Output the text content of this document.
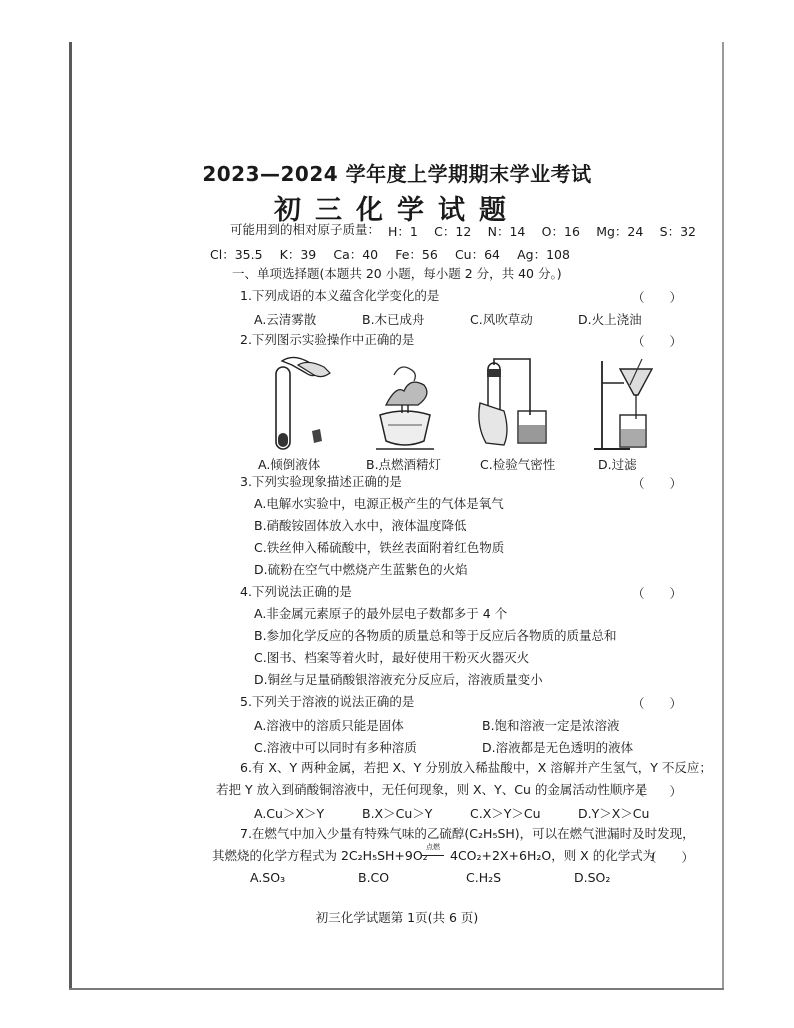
2023—2024 学年度上学期期末学业考试
初三化学试题
可能用到的相对原子质量： H：1 C：12 N：14 O：16 Mg：24 S：32
Cl：35.5 K：39 Ca：40 Fe：56 Cu：64 Ag：108
一、单项选择题(本题共 20 小题，每小题 2 分，共 40 分。)
1.下列成语的本义蕴含化学变化的是	（　　）
A.云清雾散	B.木已成舟	C.风吹草动	D.火上浇油
2.下列图示实验操作中正确的是	（　　）
A.倾倒液体	B.点燃酒精灯	C.检验气密性	D.过滤
3.下列实验现象描述正确的是	（　　）
A.电解水实验中，电源正极产生的气体是氧气
B.硝酸铵固体放入水中，液体温度降低
C.铁丝伸入稀硫酸中，铁丝表面附着红色物质
D.硫粉在空气中燃烧产生蓝紫色的火焰
4.下列说法正确的是	（　　）
A.非金属元素原子的最外层电子数都多于 4 个
B.参加化学反应的各物质的质量总和等于反应后各物质的质量总和
C.图书、档案等着火时，最好使用干粉灭火器灭火
D.铜丝与足量硝酸银溶液充分反应后，溶液质量变小
5.下列关于溶液的说法正确的是	（　　）
A.溶液中的溶质只能是固体	B.饱和溶液一定是浓溶液
C.溶液中可以同时有多种溶质	D.溶液都是无色透明的液体
6.有 X、Y 两种金属，若把 X、Y 分别放入稀盐酸中，X 溶解并产生氢气，Y 不反应；
若把 Y 放入到硝酸铜溶液中，无任何现象，则 X、Y、Cu 的金属活动性顺序是
（　　）
A.Cu＞X＞Y	B.X＞Cu＞Y	C.X＞Y＞Cu	D.Y＞X＞Cu
7.在燃气中加入少量有特殊气味的乙硫醇(C₂H₅SH)，可以在燃气泄漏时及时发现，
其燃烧的化学方程式为 2C₂H₅SH+9O₂
点燃
4CO₂+2X+6H₂O，则 X 的化学式为
（　　）
A.SO₃	B.CO	C.H₂S	D.SO₂
初三化学试题第 1页(共 6 页)
